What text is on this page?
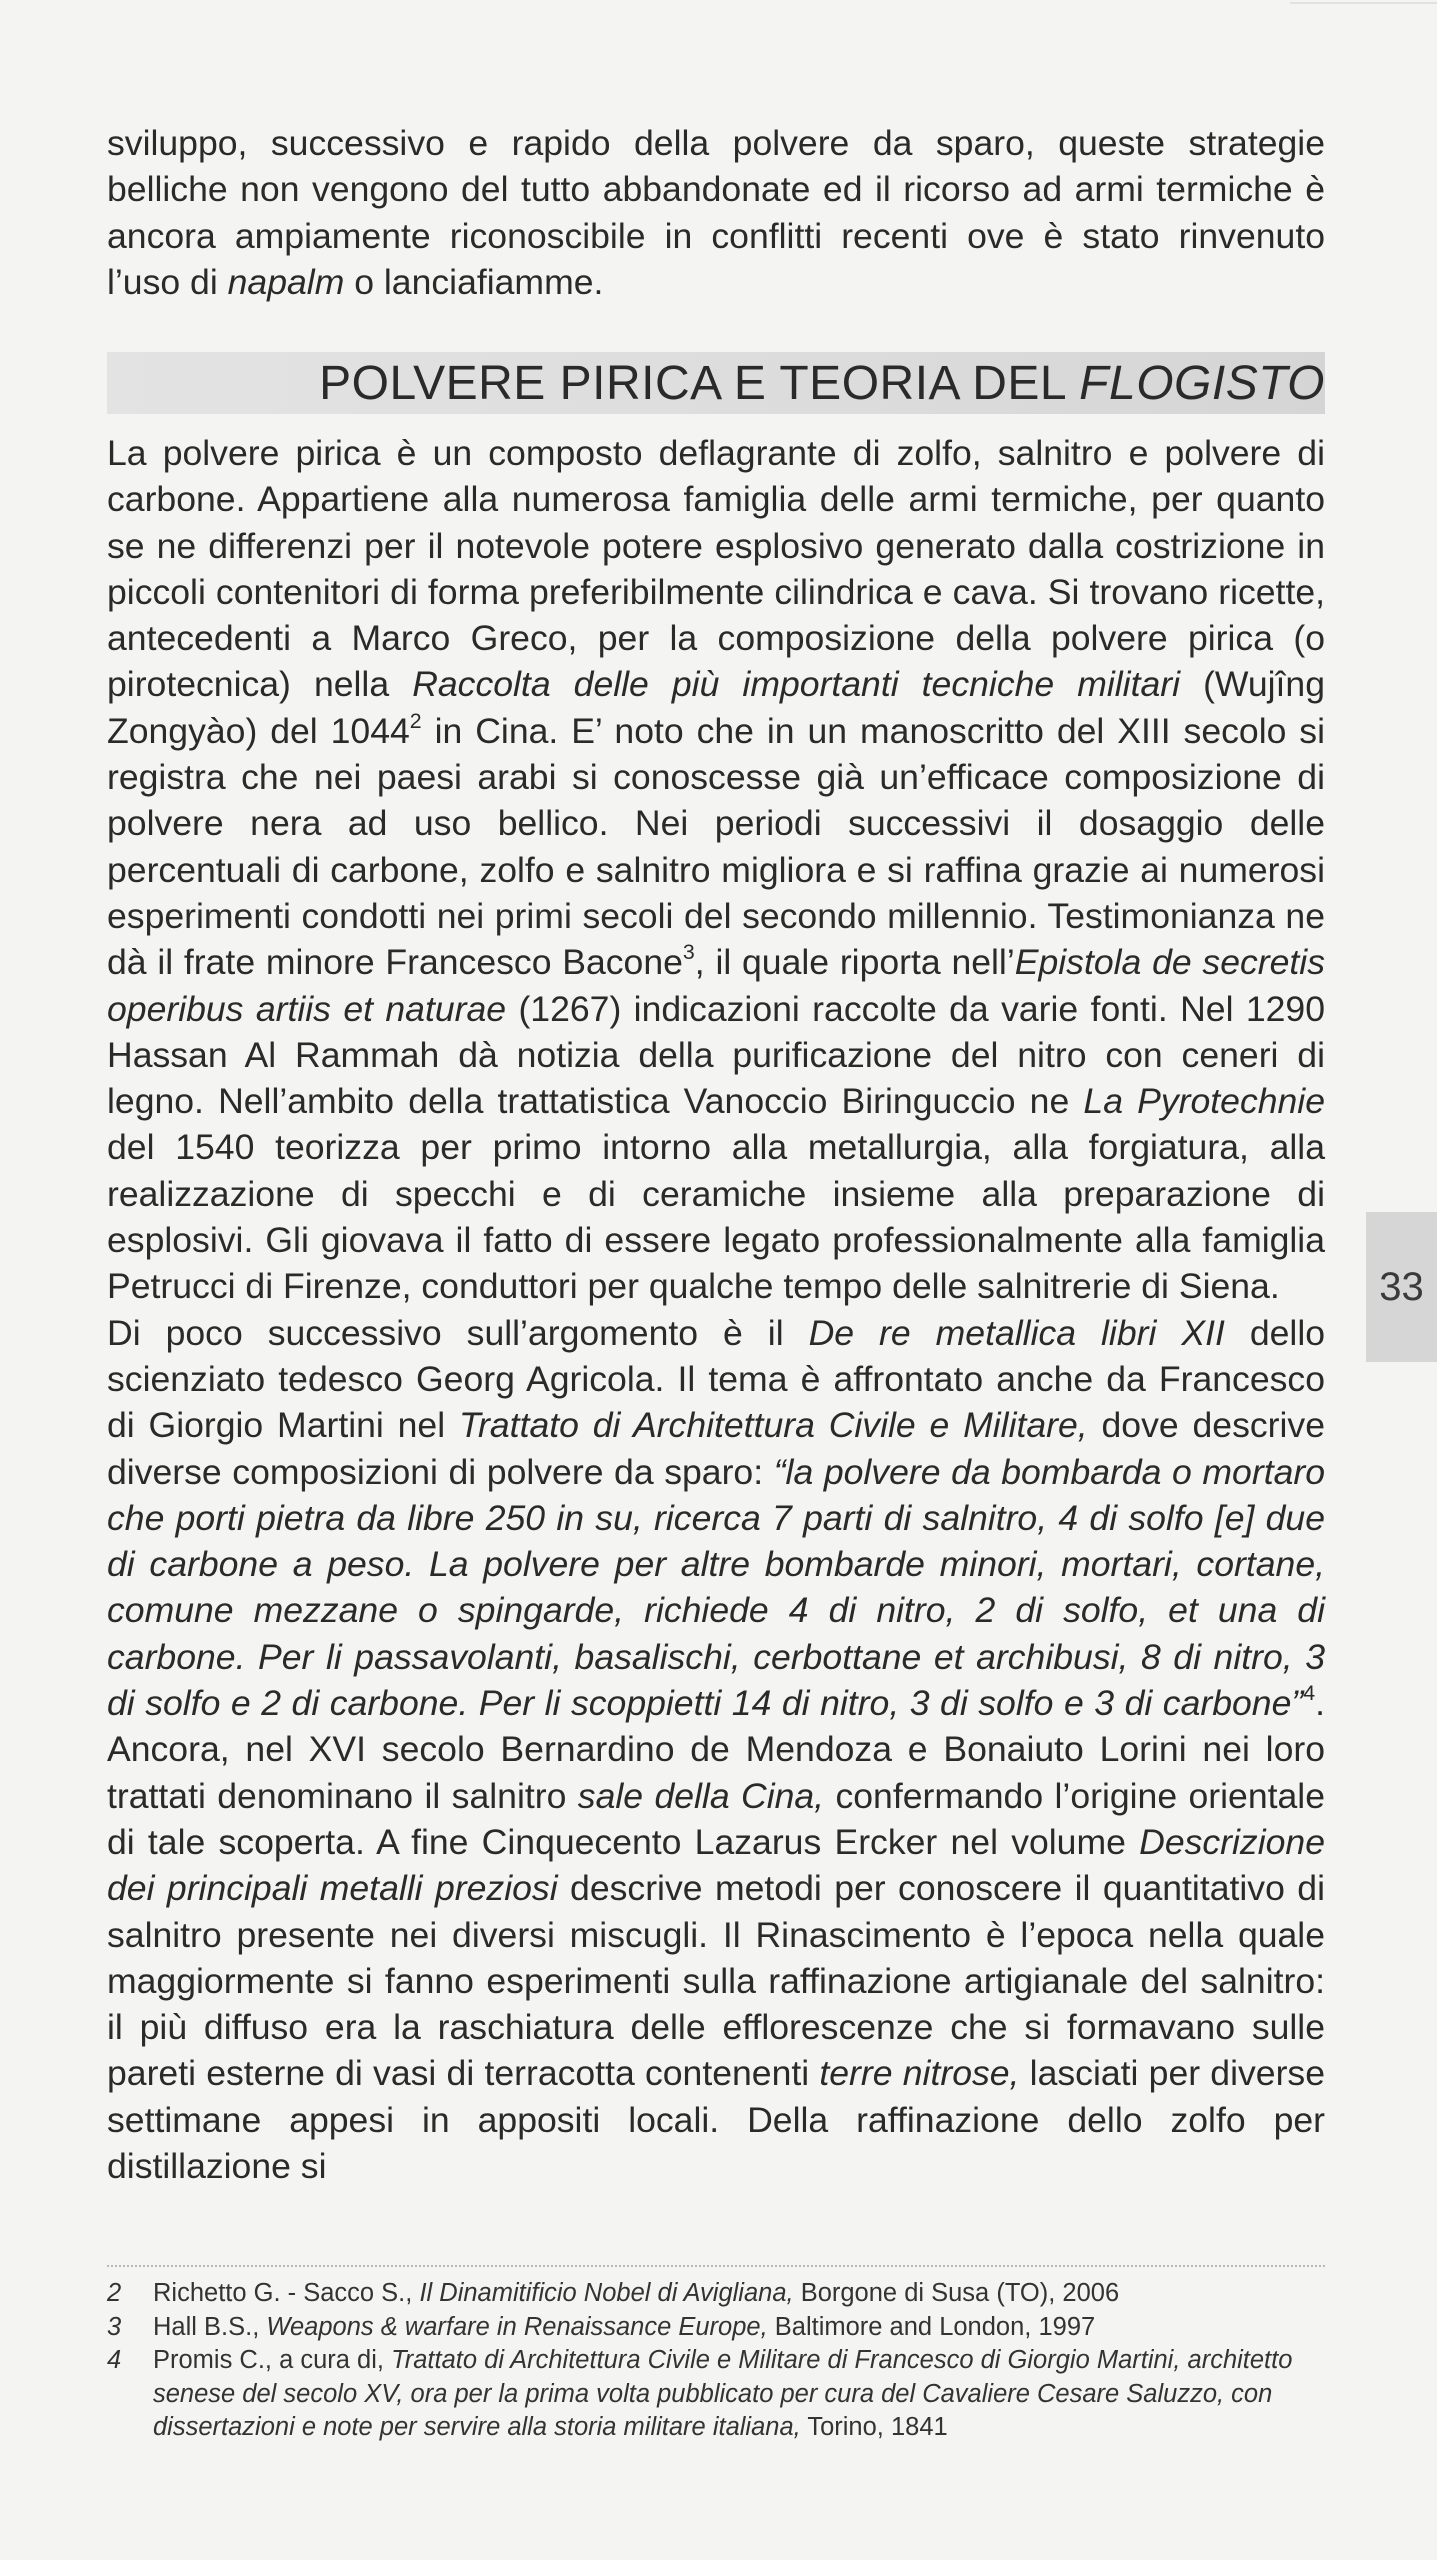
sviluppo, successivo e rapido della polvere da sparo, queste strategie belliche non vengono del tutto abbandonate ed il ricorso ad armi termiche è ancora ampiamente riconoscibile in conflitti recenti ove è stato rinvenuto l’uso di napalm o lanciafiamme.

POLVERE PIRICA E TEORIA DEL FLOGISTO

La polvere pirica è un composto deflagrante di zolfo, salnitro e polvere di carbone. Appartiene alla numerosa famiglia delle armi termiche, per quanto se ne differenzi per il notevole potere esplosivo generato dalla costrizione in piccoli contenitori di forma preferibilmente cilindrica e cava. Si trovano ricette, antecedenti a Marco Greco, per la composizione della polvere pirica (o pirotecnica) nella Raccolta delle più importanti tecniche militari (Wujîng Zongyào) del 1044$^2$ in Cina. E’ noto che in un manoscritto del XIII secolo si registra che nei paesi arabi si conoscesse già un’efficace composizione di polvere nera ad uso bellico. Nei periodi successivi il dosaggio delle percentuali di carbone, zolfo e salnitro migliora e si raffina grazie ai numerosi esperimenti condotti nei primi secoli del secondo millennio. Testimonianza ne dà il frate minore Francesco Bacone$^3$, il quale riporta nell’Epistola de secretis operibus artiis et naturae (1267) indicazioni raccolte da varie fonti. Nel 1290 Hassan Al Rammah dà notizia della purificazione del nitro con ceneri di legno. Nell’ambito della trattatistica Vanoccio Biringuccio ne La Pyrotechnie del 1540 teorizza per primo intorno alla metallurgia, alla forgiatura, alla realizzazione di specchi e di ceramiche insieme alla preparazione di esplosivi. Gli giovava il fatto di essere legato professionalmente alla famiglia Petrucci di Firenze, conduttori per qualche tempo delle salnitrerie di Siena.

Di poco successivo sull’argomento è il De re metallica libri XII dello scienziato tedesco Georg Agricola. Il tema è affrontato anche da Francesco di Giorgio Martini nel Trattato di Architettura Civile e Militare, dove descrive diverse composizioni di polvere da sparo: “la polvere da bombarda o mortaro che porti pietra da libre 250 in su, ricerca 7 parti di salnitro, 4 di solfo [e] due di carbone a peso. La polvere per altre bombarde minori, mortari, cortane, comune mezzane o spingarde, richiede 4 di nitro, 2 di solfo, et una di carbone. Per li passavolanti, basalischi, cerbottane et archibusi, 8 di nitro, 3 di solfo e 2 di carbone. Per li scoppietti 14 di nitro, 3 di solfo e 3 di carbone”$^4$. Ancora, nel XVI secolo Bernardino de Mendoza e Bonaiuto Lorini nei loro trattati denominano il salnitro sale della Cina, confermando l’origine orientale di tale scoperta. A fine Cinquecento Lazarus Ercker nel volume Descrizione dei principali metalli preziosi descrive metodi per conoscere il quantitativo di salnitro presente nei diversi miscugli. Il Rinascimento è l’epoca nella quale maggiormente si fanno esperimenti sulla raffinazione artigianale del salnitro: il più diffuso era la raschiatura delle efflorescenze che si formavano sulle pareti esterne di vasi di terracotta contenenti terre nitrose, lasciati per diverse settimane appesi in appositi locali. Della raffinazione dello zolfo per distillazione si

2	Richetto G. - Sacco S., Il Dinamitificio Nobel di Avigliana, Borgone di Susa (TO), 2006
3	Hall B.S., Weapons & warfare in Renaissance Europe, Baltimore and London, 1997
4	Promis C., a cura di, Trattato di Architettura Civile e Militare di Francesco di Giorgio Martini, architetto senese del secolo XV, ora per la prima volta pubblicato per cura del Cavaliere Cesare Saluzzo, con dissertazioni e note per servire alla storia militare italiana, Torino, 1841
33
